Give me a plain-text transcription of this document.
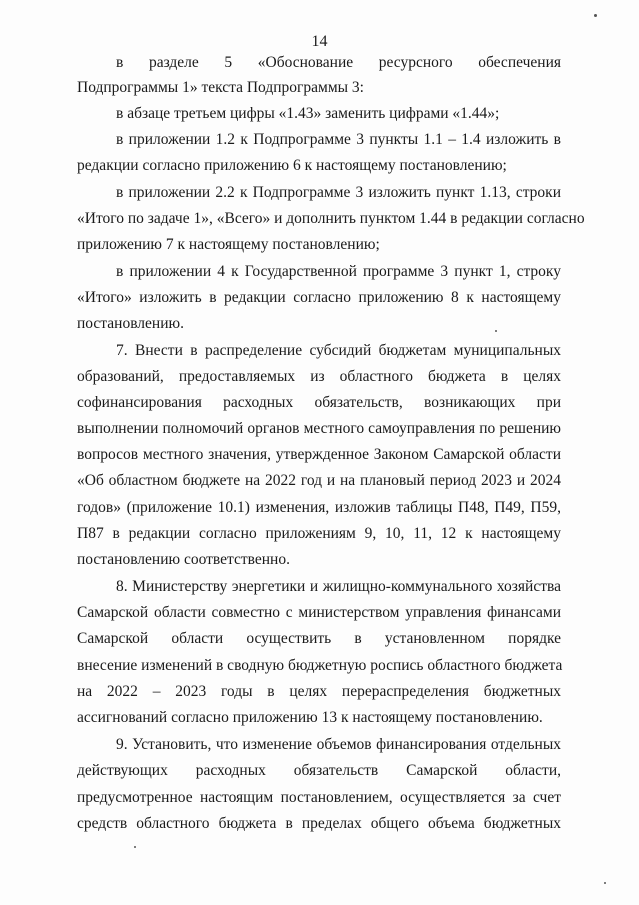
14
в разделе 5 «Обоснование ресурсного обеспечения
Подпрограммы 1» текста Подпрограммы 3:
в абзаце третьем цифры «1.43» заменить цифрами «1.44»;
в приложении 1.2 к Подпрограмме 3 пункты 1.1 – 1.4 изложить в
редакции согласно приложению 6 к настоящему постановлению;
в приложении 2.2 к Подпрограмме 3 изложить пункт 1.13, строки
«Итого по задаче 1», «Всего» и дополнить пунктом 1.44 в редакции согласно
приложению 7 к настоящему постановлению;
в приложении 4 к Государственной программе 3 пункт 1, строку
«Итого» изложить в редакции согласно приложению 8 к настоящему
постановлению.
7. Внести в распределение субсидий бюджетам муниципальных
образований, предоставляемых из областного бюджета в целях
софинансирования расходных обязательств, возникающих при
выполнении полномочий органов местного самоуправления по решению
вопросов местного значения, утвержденное Законом Самарской области
«Об областном бюджете на 2022 год и на плановый период 2023 и 2024
годов» (приложение 10.1) изменения, изложив таблицы П48, П49, П59,
П87 в редакции согласно приложениям 9, 10, 11, 12 к настоящему
постановлению соответственно.
8. Министерству энергетики и жилищно-коммунального хозяйства
Самарской области совместно с министерством управления финансами
Самарской области осуществить в установленном порядке
внесение изменений в сводную бюджетную роспись областного бюджета
на 2022 – 2023 годы в целях перераспределения бюджетных
ассигнований согласно приложению 13 к настоящему постановлению.
9. Установить, что изменение объемов финансирования отдельных
действующих расходных обязательств Самарской области,
предусмотренное настоящим постановлением, осуществляется за счет
средств областного бюджета в пределах общего объема бюджетных
